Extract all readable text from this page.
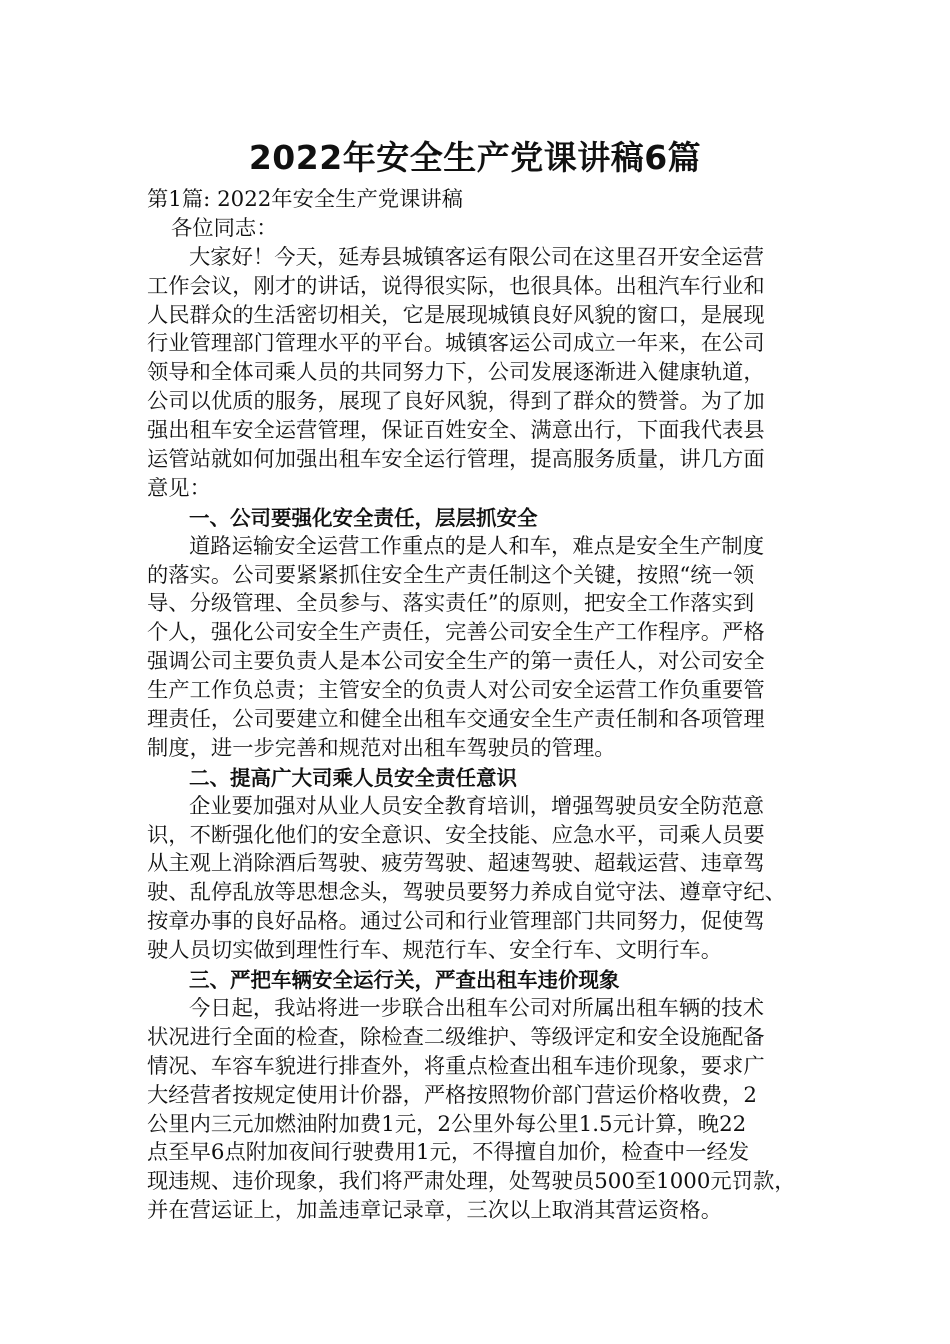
2022年安全生产党课讲稿6篇
第1篇: 2022年安全生产党课讲稿
各位同志：
大家好！今天，延寿县城镇客运有限公司在这里召开安全运营
工作会议，刚才的讲话，说得很实际，也很具体。出租汽车行业和
人民群众的生活密切相关，它是展现城镇良好风貌的窗口，是展现
行业管理部门管理水平的平台。城镇客运公司成立一年来，在公司
领导和全体司乘人员的共同努力下，公司发展逐渐进入健康轨道，
公司以优质的服务，展现了良好风貌，得到了群众的赞誉。为了加
强出租车安全运营管理，保证百姓安全、满意出行，下面我代表县
运管站就如何加强出租车安全运行管理，提高服务质量，讲几方面
意见：
一、公司要强化安全责任，层层抓安全
道路运输安全运营工作重点的是人和车，难点是安全生产制度
的落实。公司要紧紧抓住安全生产责任制这个关键，按照“统一领
导、分级管理、全员参与、落实责任”的原则，把安全工作落实到
个人，强化公司安全生产责任，完善公司安全生产工作程序。严格
强调公司主要负责人是本公司安全生产的第一责任人，对公司安全
生产工作负总责；主管安全的负责人对公司安全运营工作负重要管
理责任，公司要建立和健全出租车交通安全生产责任制和各项管理
制度，进一步完善和规范对出租车驾驶员的管理。
二、提高广大司乘人员安全责任意识
企业要加强对从业人员安全教育培训，增强驾驶员安全防范意
识，不断强化他们的安全意识、安全技能、应急水平，司乘人员要
从主观上消除酒后驾驶、疲劳驾驶、超速驾驶、超载运营、违章驾
驶、乱停乱放等思想念头，驾驶员要努力养成自觉守法、遵章守纪、
按章办事的良好品格。通过公司和行业管理部门共同努力，促使驾
驶人员切实做到理性行车、规范行车、安全行车、文明行车。
三、严把车辆安全运行关，严查出租车违价现象
今日起，我站将进一步联合出租车公司对所属出租车辆的技术
状况进行全面的检查，除检查二级维护、等级评定和安全设施配备
情况、车容车貌进行排查外，将重点检查出租车违价现象，要求广
大经营者按规定使用计价器，严格按照物价部门营运价格收费，2
公里内三元加燃油附加费1元，2公里外每公里1.5元计算，晚22
点至早6点附加夜间行驶费用1元，不得擅自加价，检查中一经发
现违规、违价现象，我们将严肃处理，处驾驶员500至1000元罚款，
并在营运证上，加盖违章记录章，三次以上取消其营运资格。
